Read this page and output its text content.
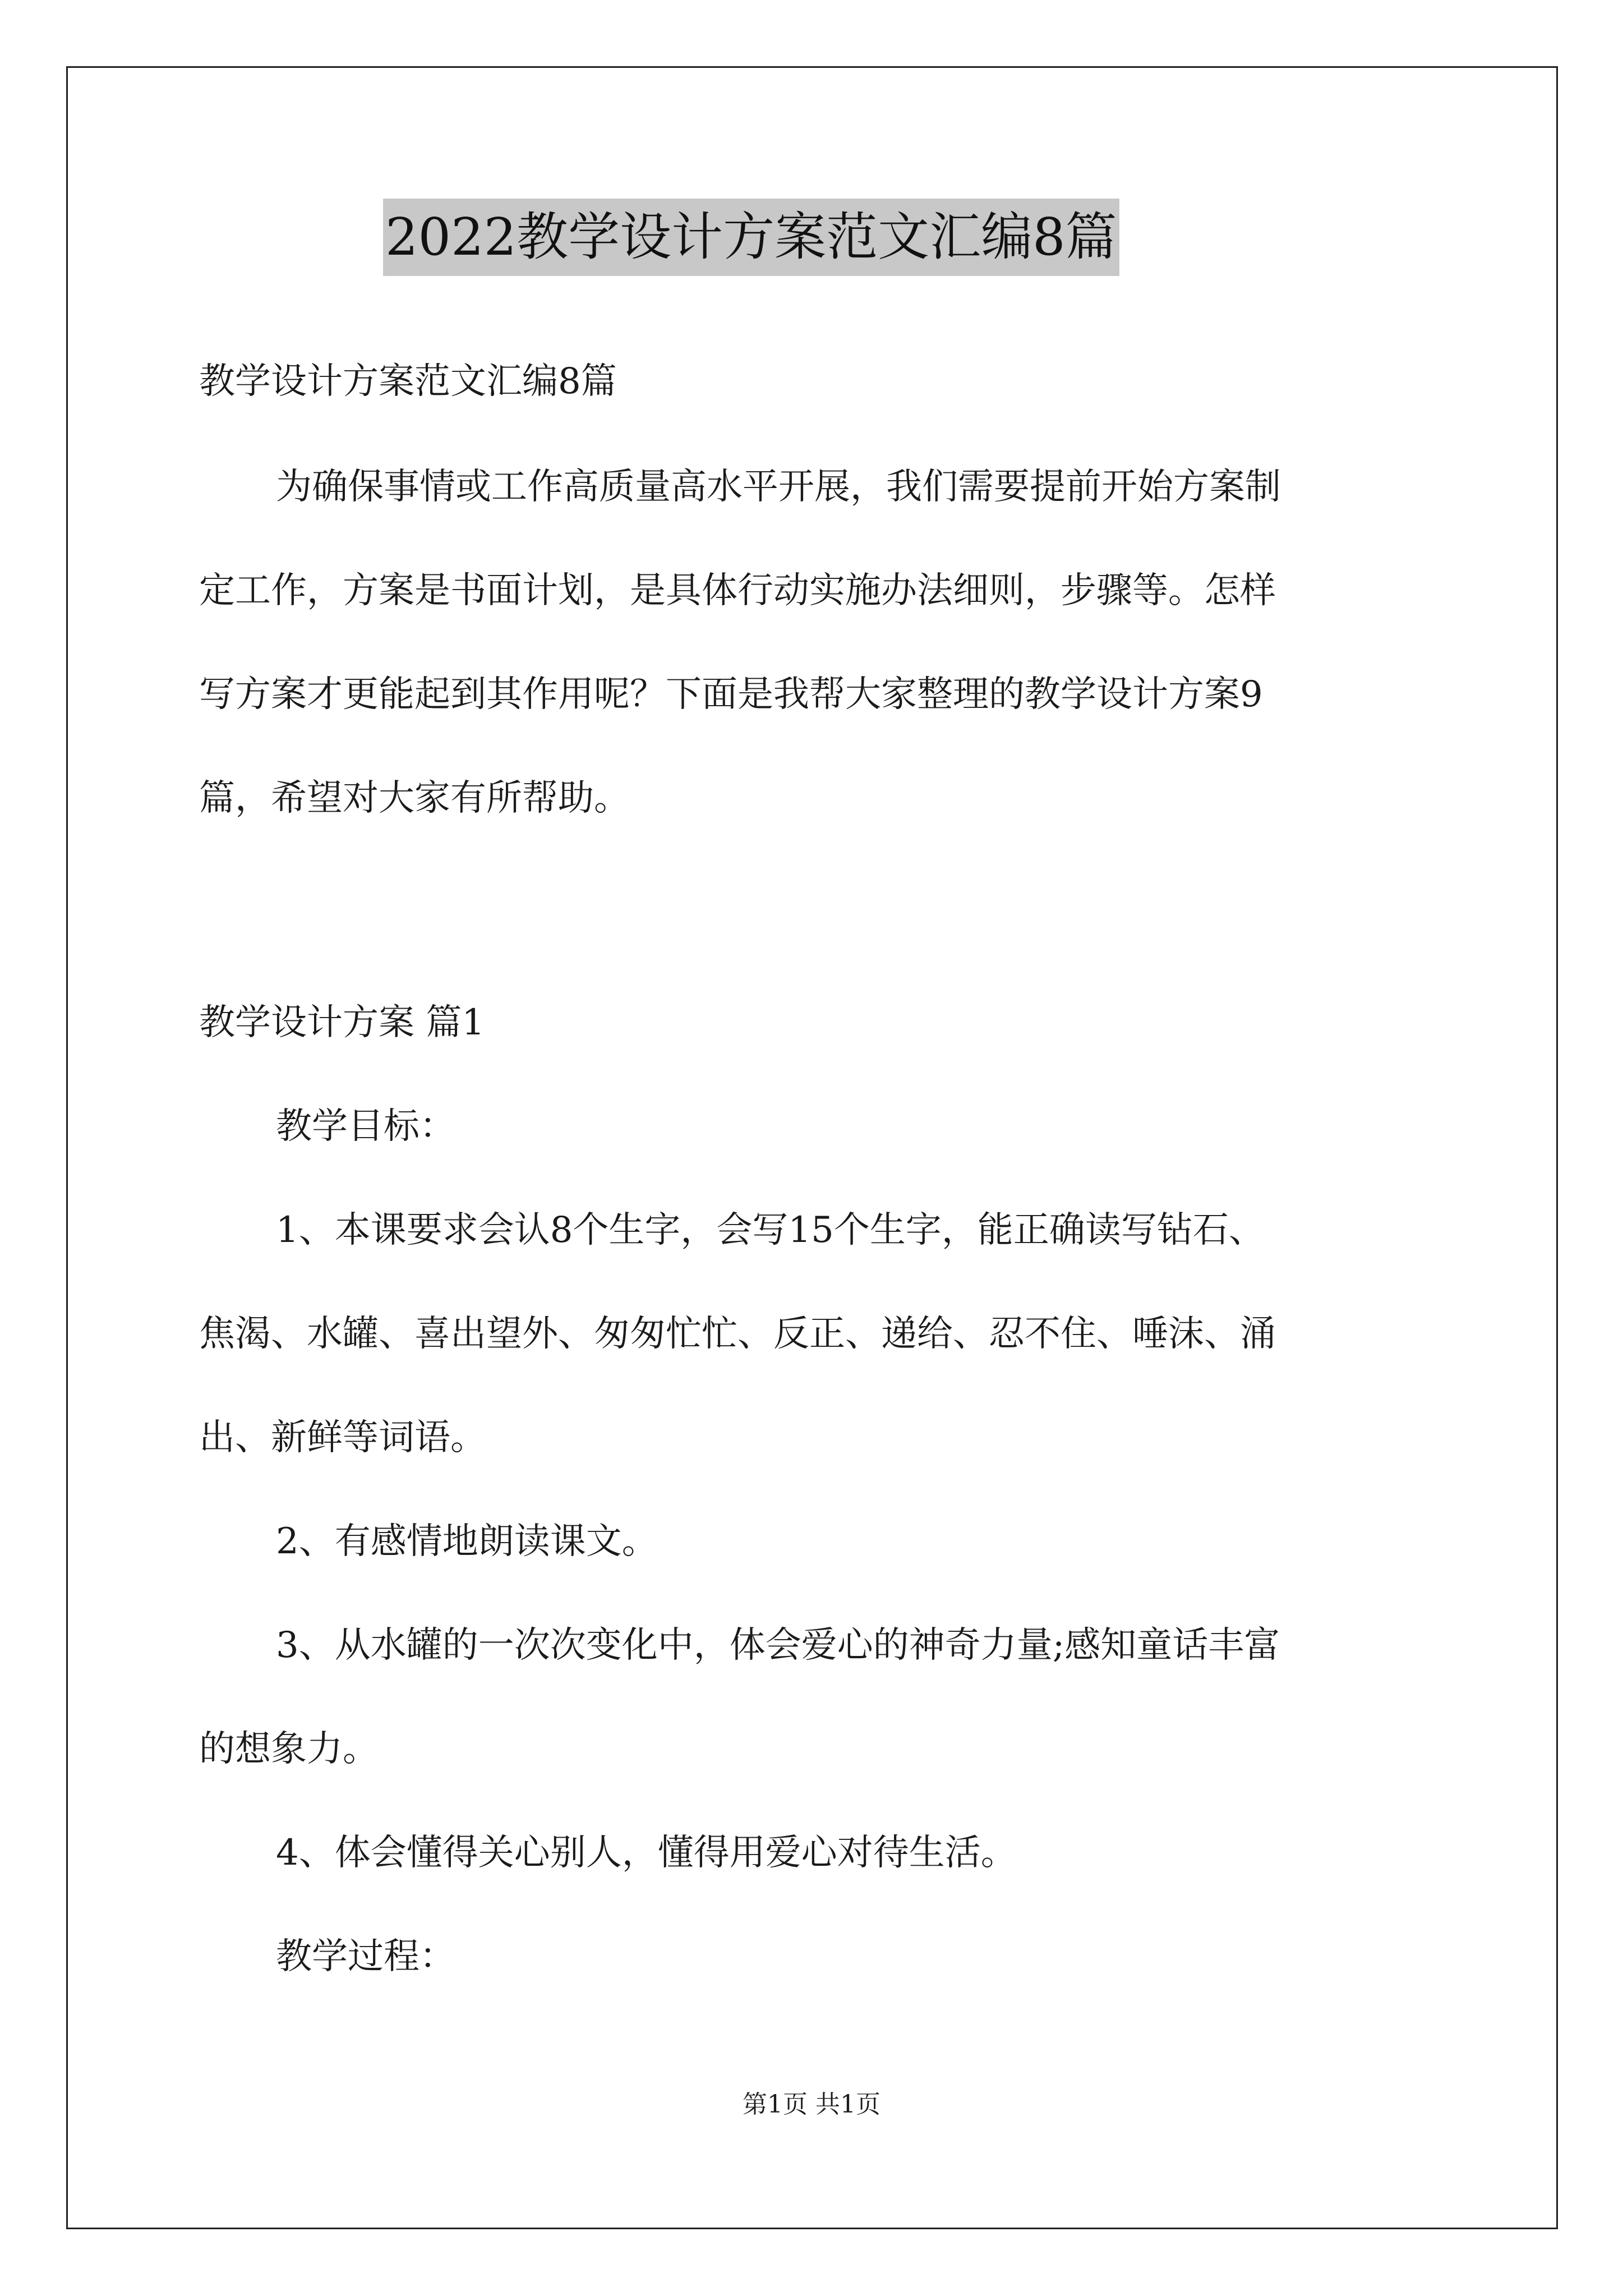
2022教学设计方案范文汇编8篇
教学设计方案范文汇编8篇
为确保事情或工作高质量高水平开展，我们需要提前开始方案制
定工作，方案是书面计划，是具体行动实施办法细则，步骤等。怎样
写方案才更能起到其作用呢？下面是我帮大家整理的教学设计方案9
篇，希望对大家有所帮助。
教学设计方案 篇1
教学目标：
1、本课要求会认8个生字，会写15个生字，能正确读写钻石、
焦渴、水罐、喜出望外、匆匆忙忙、反正、递给、忍不住、唾沫、涌
出、新鲜等词语。
2、有感情地朗读课文。
3、从水罐的一次次变化中，体会爱心的神奇力量;感知童话丰富
的想象力。
4、体会懂得关心别人，懂得用爱心对待生活。
教学过程：
第1页 共1页
